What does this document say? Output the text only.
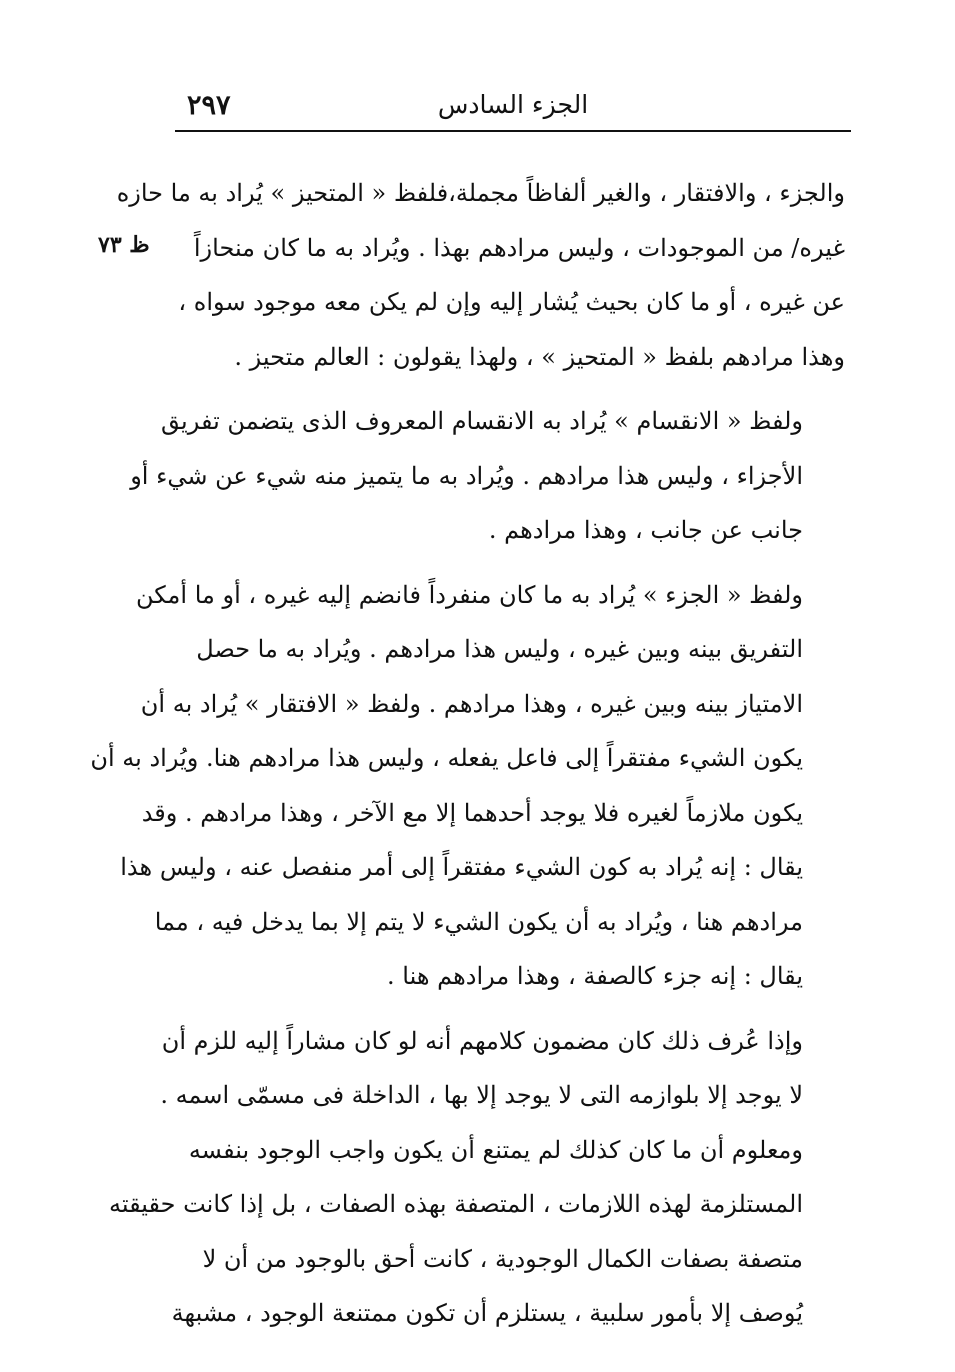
٢٩٧	الجزء السادس
ظ ٧٣

والجزء ، والافتقار ، والغير ألفاظاً مجملة،فلفظ « المتحيز » يُراد به ما حازه
غيره/ من الموجودات ، وليس مرادهم بهذا . ويُراد به ما كان منحازاً
عن غيره ، أو ما كان بحيث يُشار إليه وإن لم يكن معه موجود سواه ،
وهذا مرادهم بلفظ « المتحيز » ، ولهذا يقولون : العالم متحيز .

ولفظ « الانقسام » يُراد به الانقسام المعروف الذى يتضمن تفريق
الأجزاء ، وليس هذا مرادهم . ويُراد به ما يتميز منه شيء عن شيء أو
جانب عن جانب ، وهذا مرادهم .

ولفظ « الجزء » يُراد به ما كان منفرداً فانضم إليه غيره ، أو ما أمكن
التفريق بينه وبين غيره ، وليس هذا مرادهم . ويُراد به ما حصل
الامتياز بينه وبين غيره ، وهذا مرادهم . ولفظ « الافتقار » يُراد به أن
يكون الشيء مفتقراً إلى فاعل يفعله ، وليس هذا مرادهم هنا. ويُراد به أن
يكون ملازماً لغيره فلا يوجد أحدهما إلا مع الآخر ، وهذا مرادهم . وقد
يقال : إنه يُراد به كون الشيء مفتقراً إلى أمر منفصل عنه ، وليس هذا
مرادهم هنا ، ويُراد به أن يكون الشيء لا يتم إلا بما يدخل فيه ، مما
يقال : إنه جزء كالصفة ، وهذا مرادهم هنا .

وإذا عُرف ذلك كان مضمون كلامهم أنه لو كان مشاراً إليه للزم أن
لا يوجد إلا بلوازمه التى لا يوجد إلا بها ، الداخلة فى مسمّى اسمه .
ومعلوم أن ما كان كذلك لم يمتنع أن يكون واجب الوجود بنفسه
المستلزمة لهذه اللازمات ، المتصفة بهذه الصفات ، بل إذا كانت حقيقته
متصفة بصفات الكمال الوجودية ، كانت أحق بالوجود من أن لا
يُوصف إلا بأمور سلبية ، يستلزم أن تكون ممتنعة الوجود ، مشبهة
